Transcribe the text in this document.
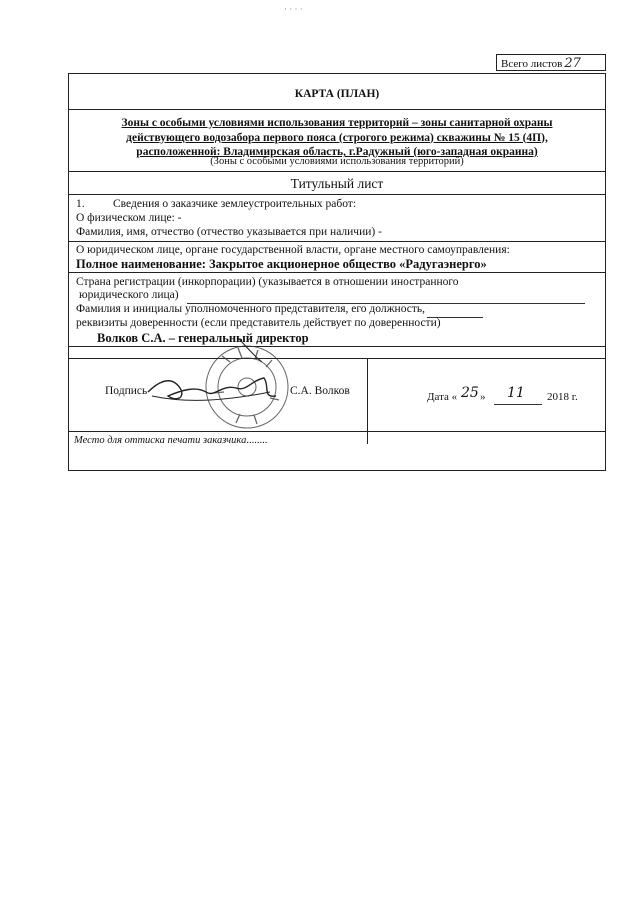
Всего листов 27
КАРТА (ПЛАН)
Зоны с особыми условиями использования территорий – зоны санитарной охраны
действующего водозабора первого пояса (строгого режима) скважины № 15 (4П),
расположенной: Владимирская область, г.Радужный (юго-западная окраина)
(Зоны с особыми условиями использования территорий)
Титульный лист
1. Сведения о заказчике землеустроительных работ:
О физическом лице: -
Фамилия, имя, отчество (отчество указывается при наличии) -
О юридическом лице, органе государственной власти, органе местного самоуправления:
Полное наименование: Закрытое акционерное общество «Радугаэнерго»
Страна регистрации (инкорпорации) (указывается в отношении иностранного
юридического лица)
Фамилия и инициалы уполномоченного представителя, его должность,
реквизиты доверенности (если представитель действует по доверенности)
Волков С.А. – генеральный директор
Подпись	С.А. Волков	Дата « 25 » 11 2018 г.
Место для оттиска печати заказчика........
· · · ·
